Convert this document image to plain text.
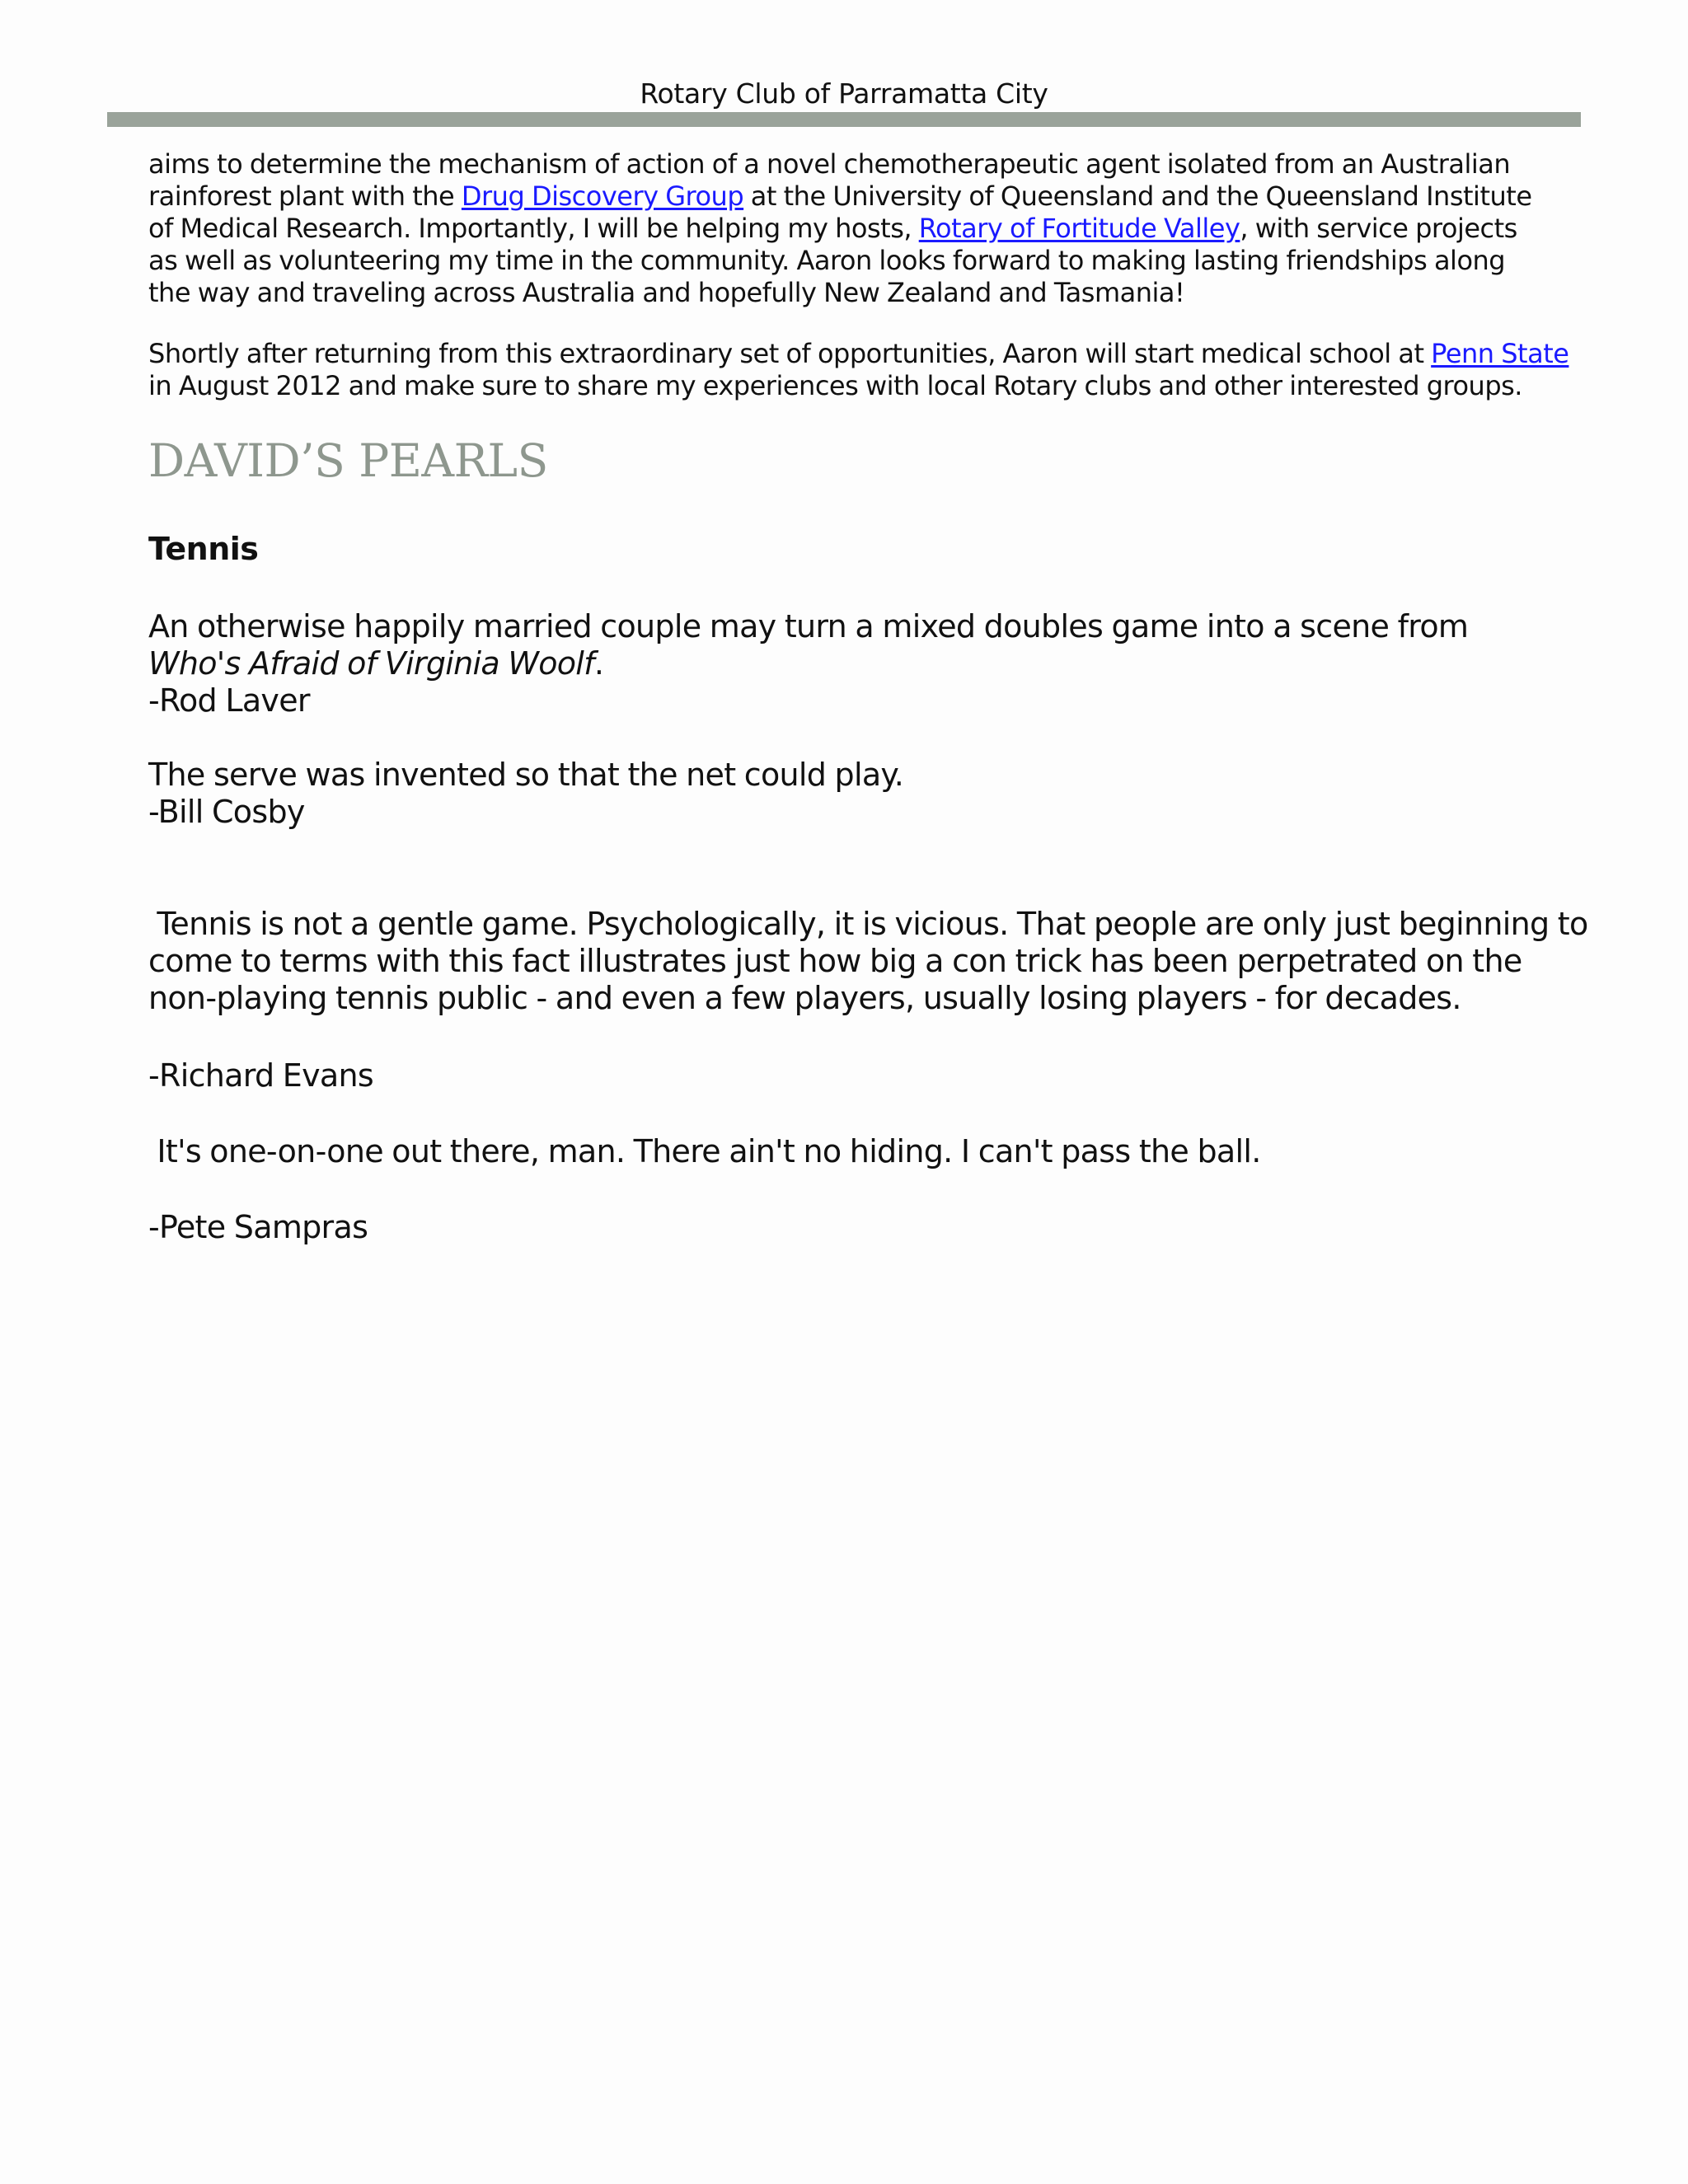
Rotary Club of Parramatta City
aims to determine the mechanism of action of a novel chemotherapeutic agent isolated from an Australian
rainforest plant with the Drug Discovery Group at the University of Queensland and the Queensland Institute
of Medical Research. Importantly, I will be helping my hosts, Rotary of Fortitude Valley, with service projects
as well as volunteering my time in the community. Aaron looks forward to making lasting friendships along
the way and traveling across Australia and hopefully New Zealand and Tasmania!
Shortly after returning from this extraordinary set of opportunities, Aaron will start medical school at Penn State
in August 2012 and make sure to share my experiences with local Rotary clubs and other interested groups.
DAVID’S PEARLS
Tennis
An otherwise happily married couple may turn a mixed doubles game into a scene from
Who's Afraid of Virginia Woolf.
-Rod Laver
The serve was invented so that the net could play.
-Bill Cosby
Tennis is not a gentle game. Psychologically, it is vicious. That people are only just beginning to
come to terms with this fact illustrates just how big a con trick has been perpetrated on the
non-playing tennis public - and even a few players, usually losing players - for decades.
-Richard Evans
It's one-on-one out there, man. There ain't no hiding. I can't pass the ball.
-Pete Sampras
